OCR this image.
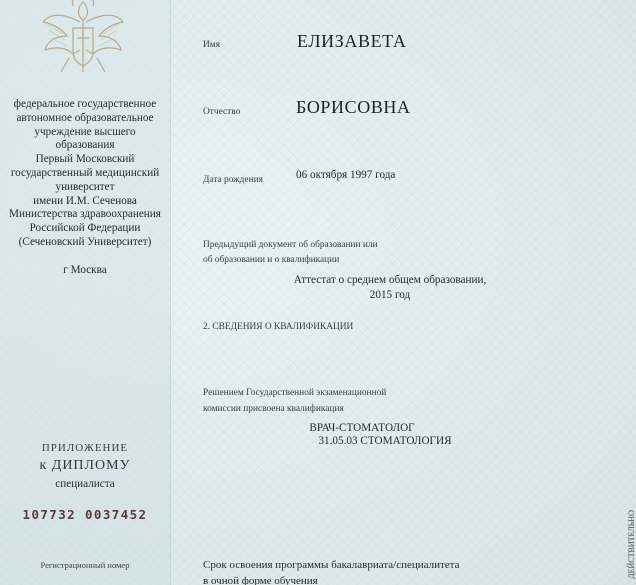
федеральное государственное
автономное образовательное
учреждение высшего
образования
Первый Московский
государственный медицинский
университет
имени И.М. Сеченова
Министерства здравоохранения
Российской Федерации
(Сеченовский Университет)
г Москва
ПРИЛОЖЕНИЕ
к ДИПЛОМУ
специалиста
107732 0037452
Регистрационный номер
Имя	ЕЛИЗАВЕТА
Отчество	БОРИСОВНА
Дата рождения	06 октября 1997 года
Предыдущий документ об образовании или
об образовании и о квалификации
Аттестат о среднем общем образовании,
2015 год
2. СВЕДЕНИЯ О КВАЛИФИКАЦИИ
Решением Государственной экзаменационной
комиссии присвоена квалификация
ВРАЧ-СТОМАТОЛОГ
31.05.03 СТОМАТОЛОГИЯ
Срок освоения программы бакалавриата/специалитета
в очной форме обучения
ДЕЙСТВИТЕЛЬНО
